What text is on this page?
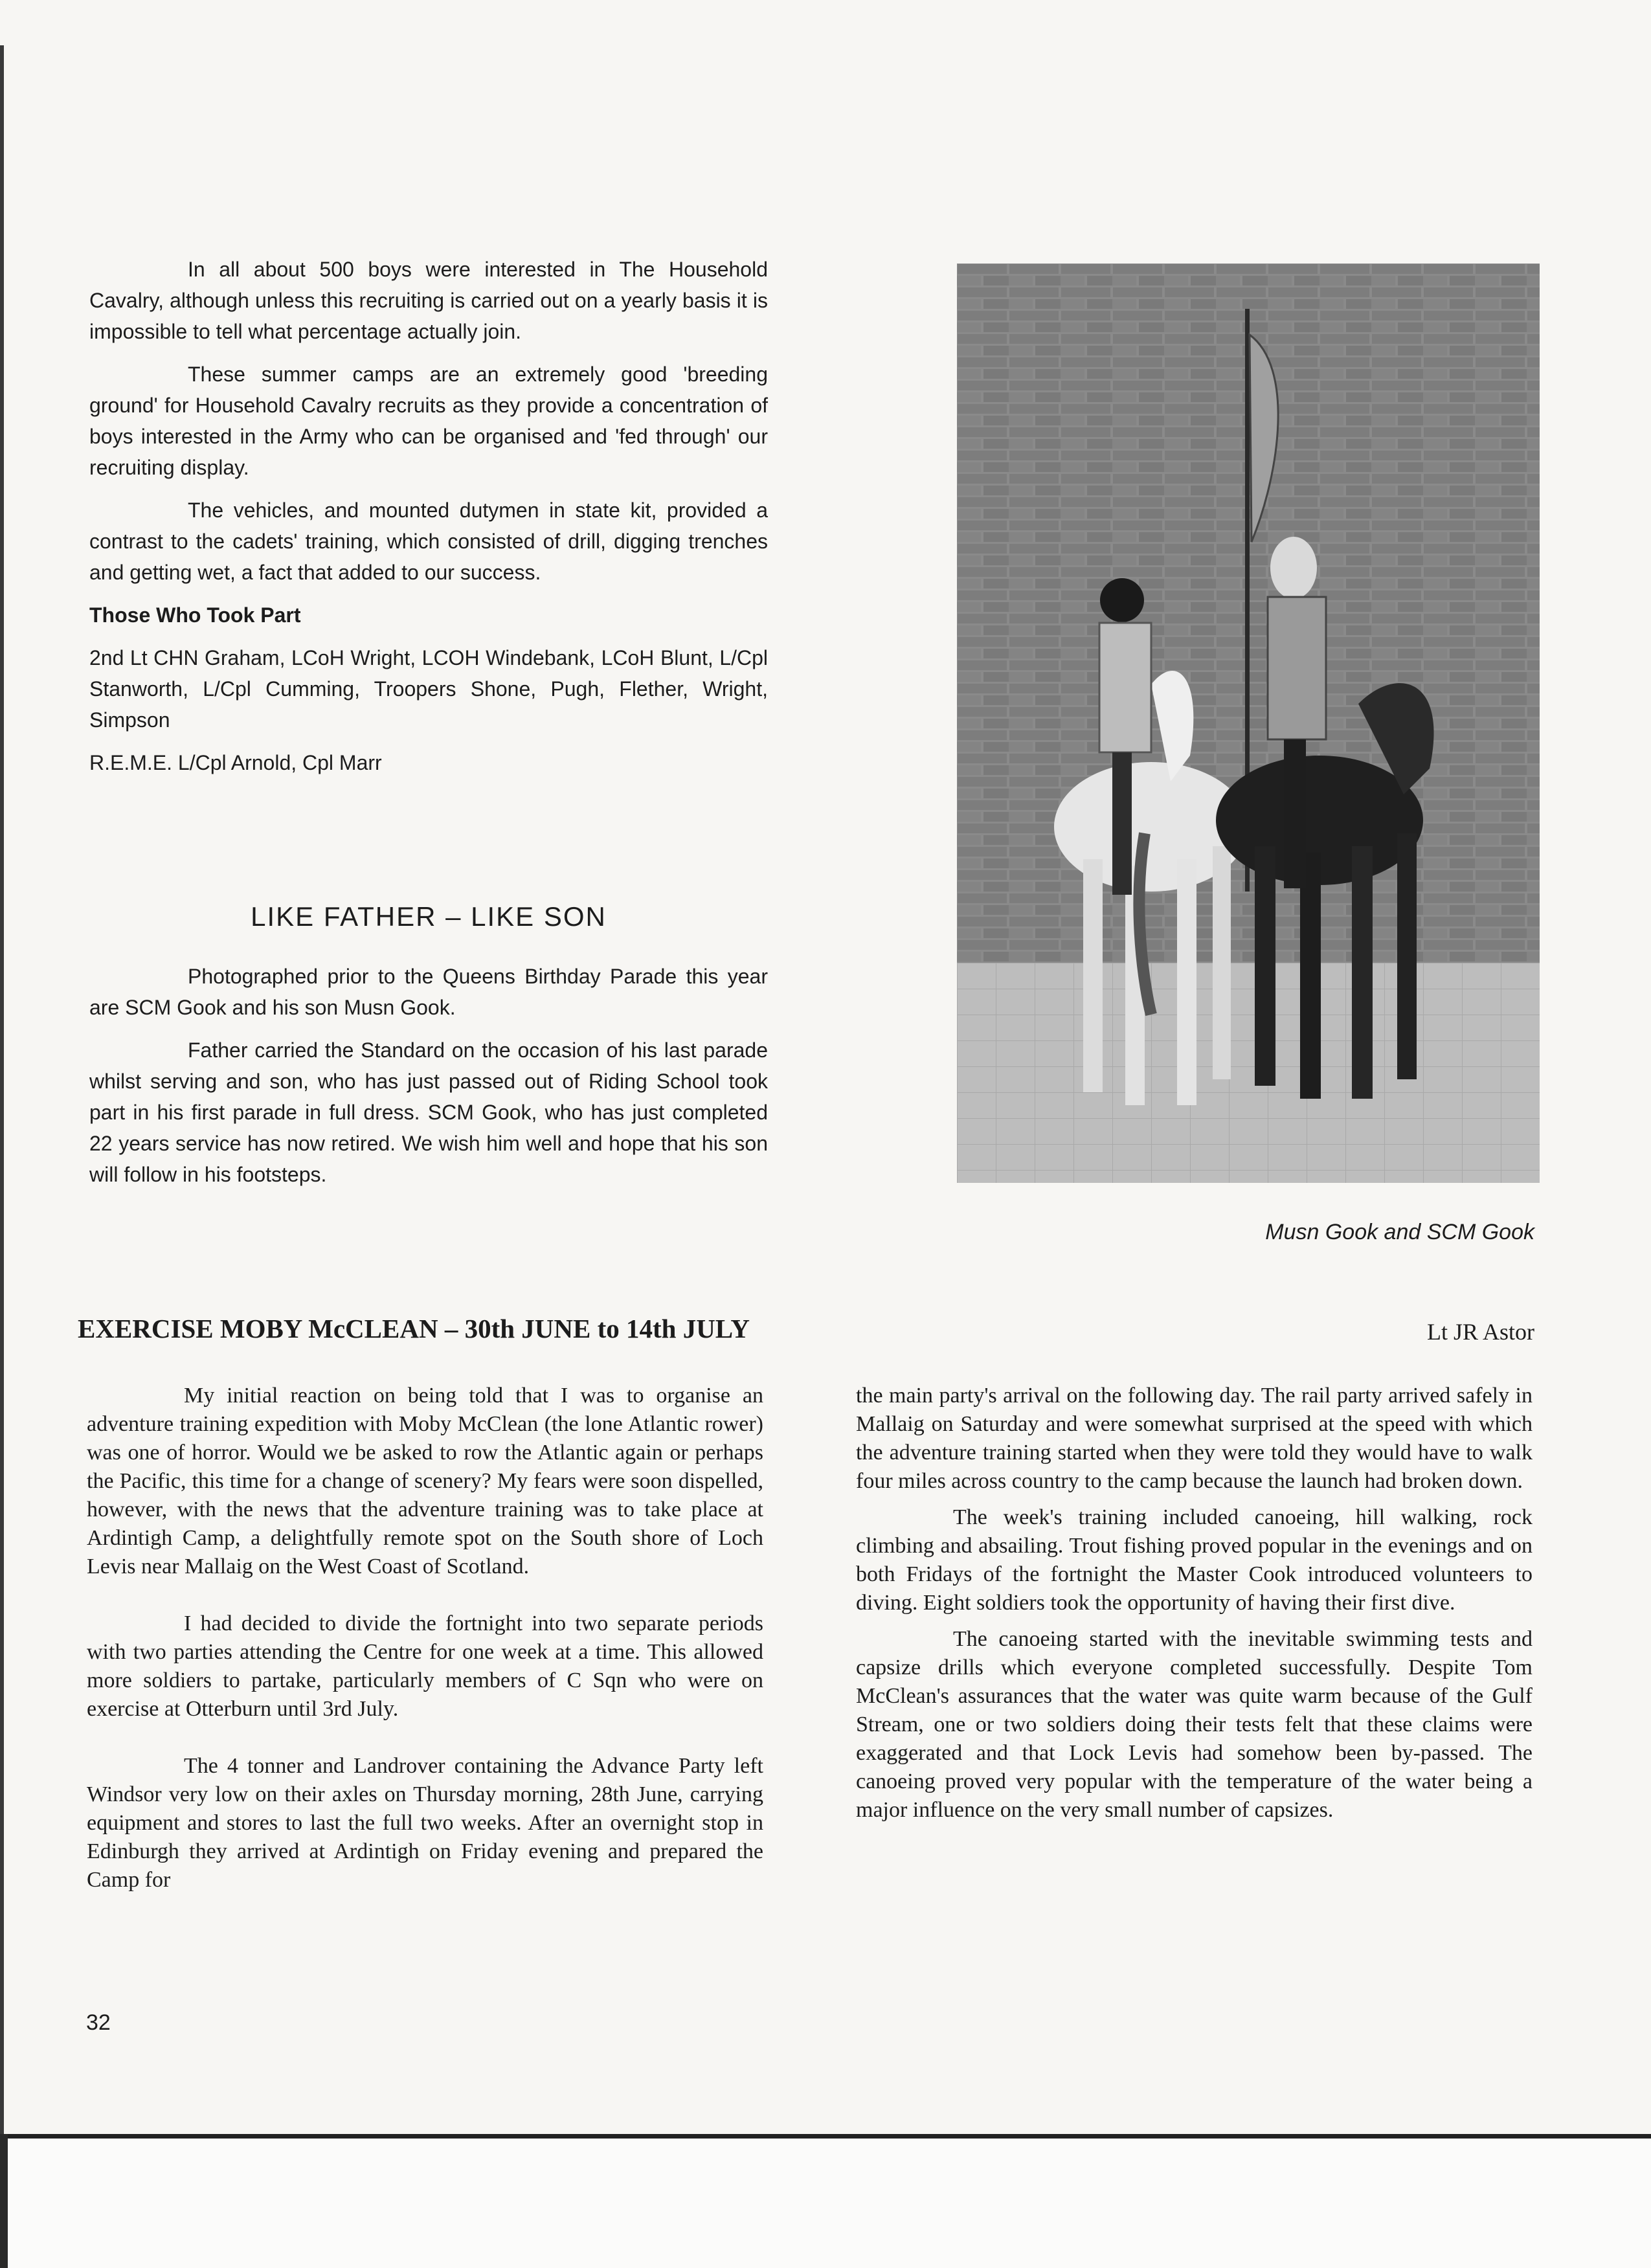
In all about 500 boys were interested in The Household Cavalry, although unless this recruiting is carried out on a yearly basis it is impossible to tell what percentage actually join.

These summer camps are an extremely good 'breeding ground' for Household Cavalry recruits as they provide a concentration of boys interested in the Army who can be organised and 'fed through' our recruiting display.

The vehicles, and mounted dutymen in state kit, provided a contrast to the cadets' training, which consisted of drill, digging trenches and getting wet, a fact that added to our success.

Those Who Took Part

2nd Lt CHN Graham, LCoH Wright, LCOH Windebank, LCoH Blunt, L/Cpl Stanworth, L/Cpl Cumming, Troopers Shone, Pugh, Flether, Wright, Simpson

R.E.M.E. L/Cpl Arnold, Cpl Marr

LIKE FATHER – LIKE SON

Photographed prior to the Queens Birthday Parade this year are SCM Gook and his son Musn Gook.

Father carried the Standard on the occasion of his last parade whilst serving and son, who has just passed out of Riding School took part in his first parade in full dress. SCM Gook, who has just completed 22 years service has now retired. We wish him well and hope that his son will follow in his footsteps.

Musn Gook and SCM Gook
EXERCISE MOBY McCLEAN – 30th JUNE to 14th JULY	Lt JR Astor

My initial reaction on being told that I was to organise an adventure training expedition with Moby McClean (the lone Atlantic rower) was one of horror. Would we be asked to row the Atlantic again or perhaps the Pacific, this time for a change of scenery? My fears were soon dispelled, however, with the news that the adventure training was to take place at Ardintigh Camp, a delightfully remote spot on the South shore of Loch Levis near Mallaig on the West Coast of Scotland.

I had decided to divide the fortnight into two separate periods with two parties attending the Centre for one week at a time. This allowed more soldiers to partake, particularly members of C Sqn who were on exercise at Otterburn until 3rd July.

The 4 tonner and Landrover containing the Advance Party left Windsor very low on their axles on Thursday morning, 28th June, carrying equipment and stores to last the full two weeks. After an overnight stop in Edinburgh they arrived at Ardintigh on Friday evening and prepared the Camp for

the main party's arrival on the following day. The rail party arrived safely in Mallaig on Saturday and were somewhat surprised at the speed with which the adventure training started when they were told they would have to walk four miles across country to the camp because the launch had broken down.

The week's training included canoeing, hill walking, rock climbing and absailing. Trout fishing proved popular in the evenings and on both Fridays of the fortnight the Master Cook introduced volunteers to diving. Eight soldiers took the opportunity of having their first dive.

The canoeing started with the inevitable swimming tests and capsize drills which everyone completed successfully. Despite Tom McClean's assurances that the water was quite warm because of the Gulf Stream, one or two soldiers doing their tests felt that these claims were exaggerated and that Lock Levis had somehow been by-passed. The canoeing proved very popular with the temperature of the water being a major influence on the very small number of capsizes.

32
